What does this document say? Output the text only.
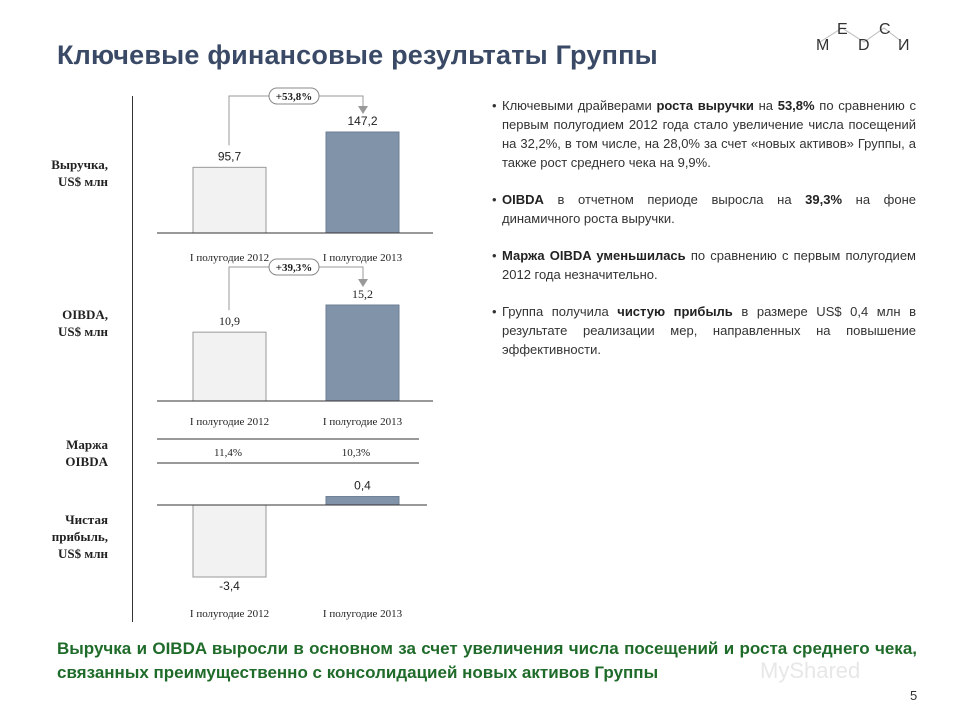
Ключевые финансовые результаты Группы	М
Е
D
С
И
Выручка,
US$ млн
OIBDA,
US$ млн
Маржа
OIBDA
Чистая
прибыль,
US$ млн
95,7
I полугодие 2012
147,2
I полугодие 2013
+53,8%
10,9
I полугодие 2012
15,2
I полугодие 2013
+39,3%
11,4%	10,3%
-3,4
I полугодие 2012
0,4
I полугодие 2013
• Ключевыми драйверами роста выручки на 53,8% по сравнению с первым полугодием 2012 года стало увеличение числа посещений на 32,2%, в том числе, на 28,0% за счет «новых активов» Группы, а также рост среднего чека на 9,9%.
• OIBDA в отчетном периоде выросла на 39,3% на фоне динамичного роста выручки.
• Маржа OIBDA уменьшилась по сравнению с первым полугодием 2012 года незначительно.
• Группа получила чистую прибыль в размере US$ 0,4 млн в результате реализации мер, направленных на повышение эффективности.
Выручка и OIBDA выросли в основном за счет увеличения числа посещений и роста среднего чека, связанных преимущественно с консолидацией новых активов Группы	MyShared
5
